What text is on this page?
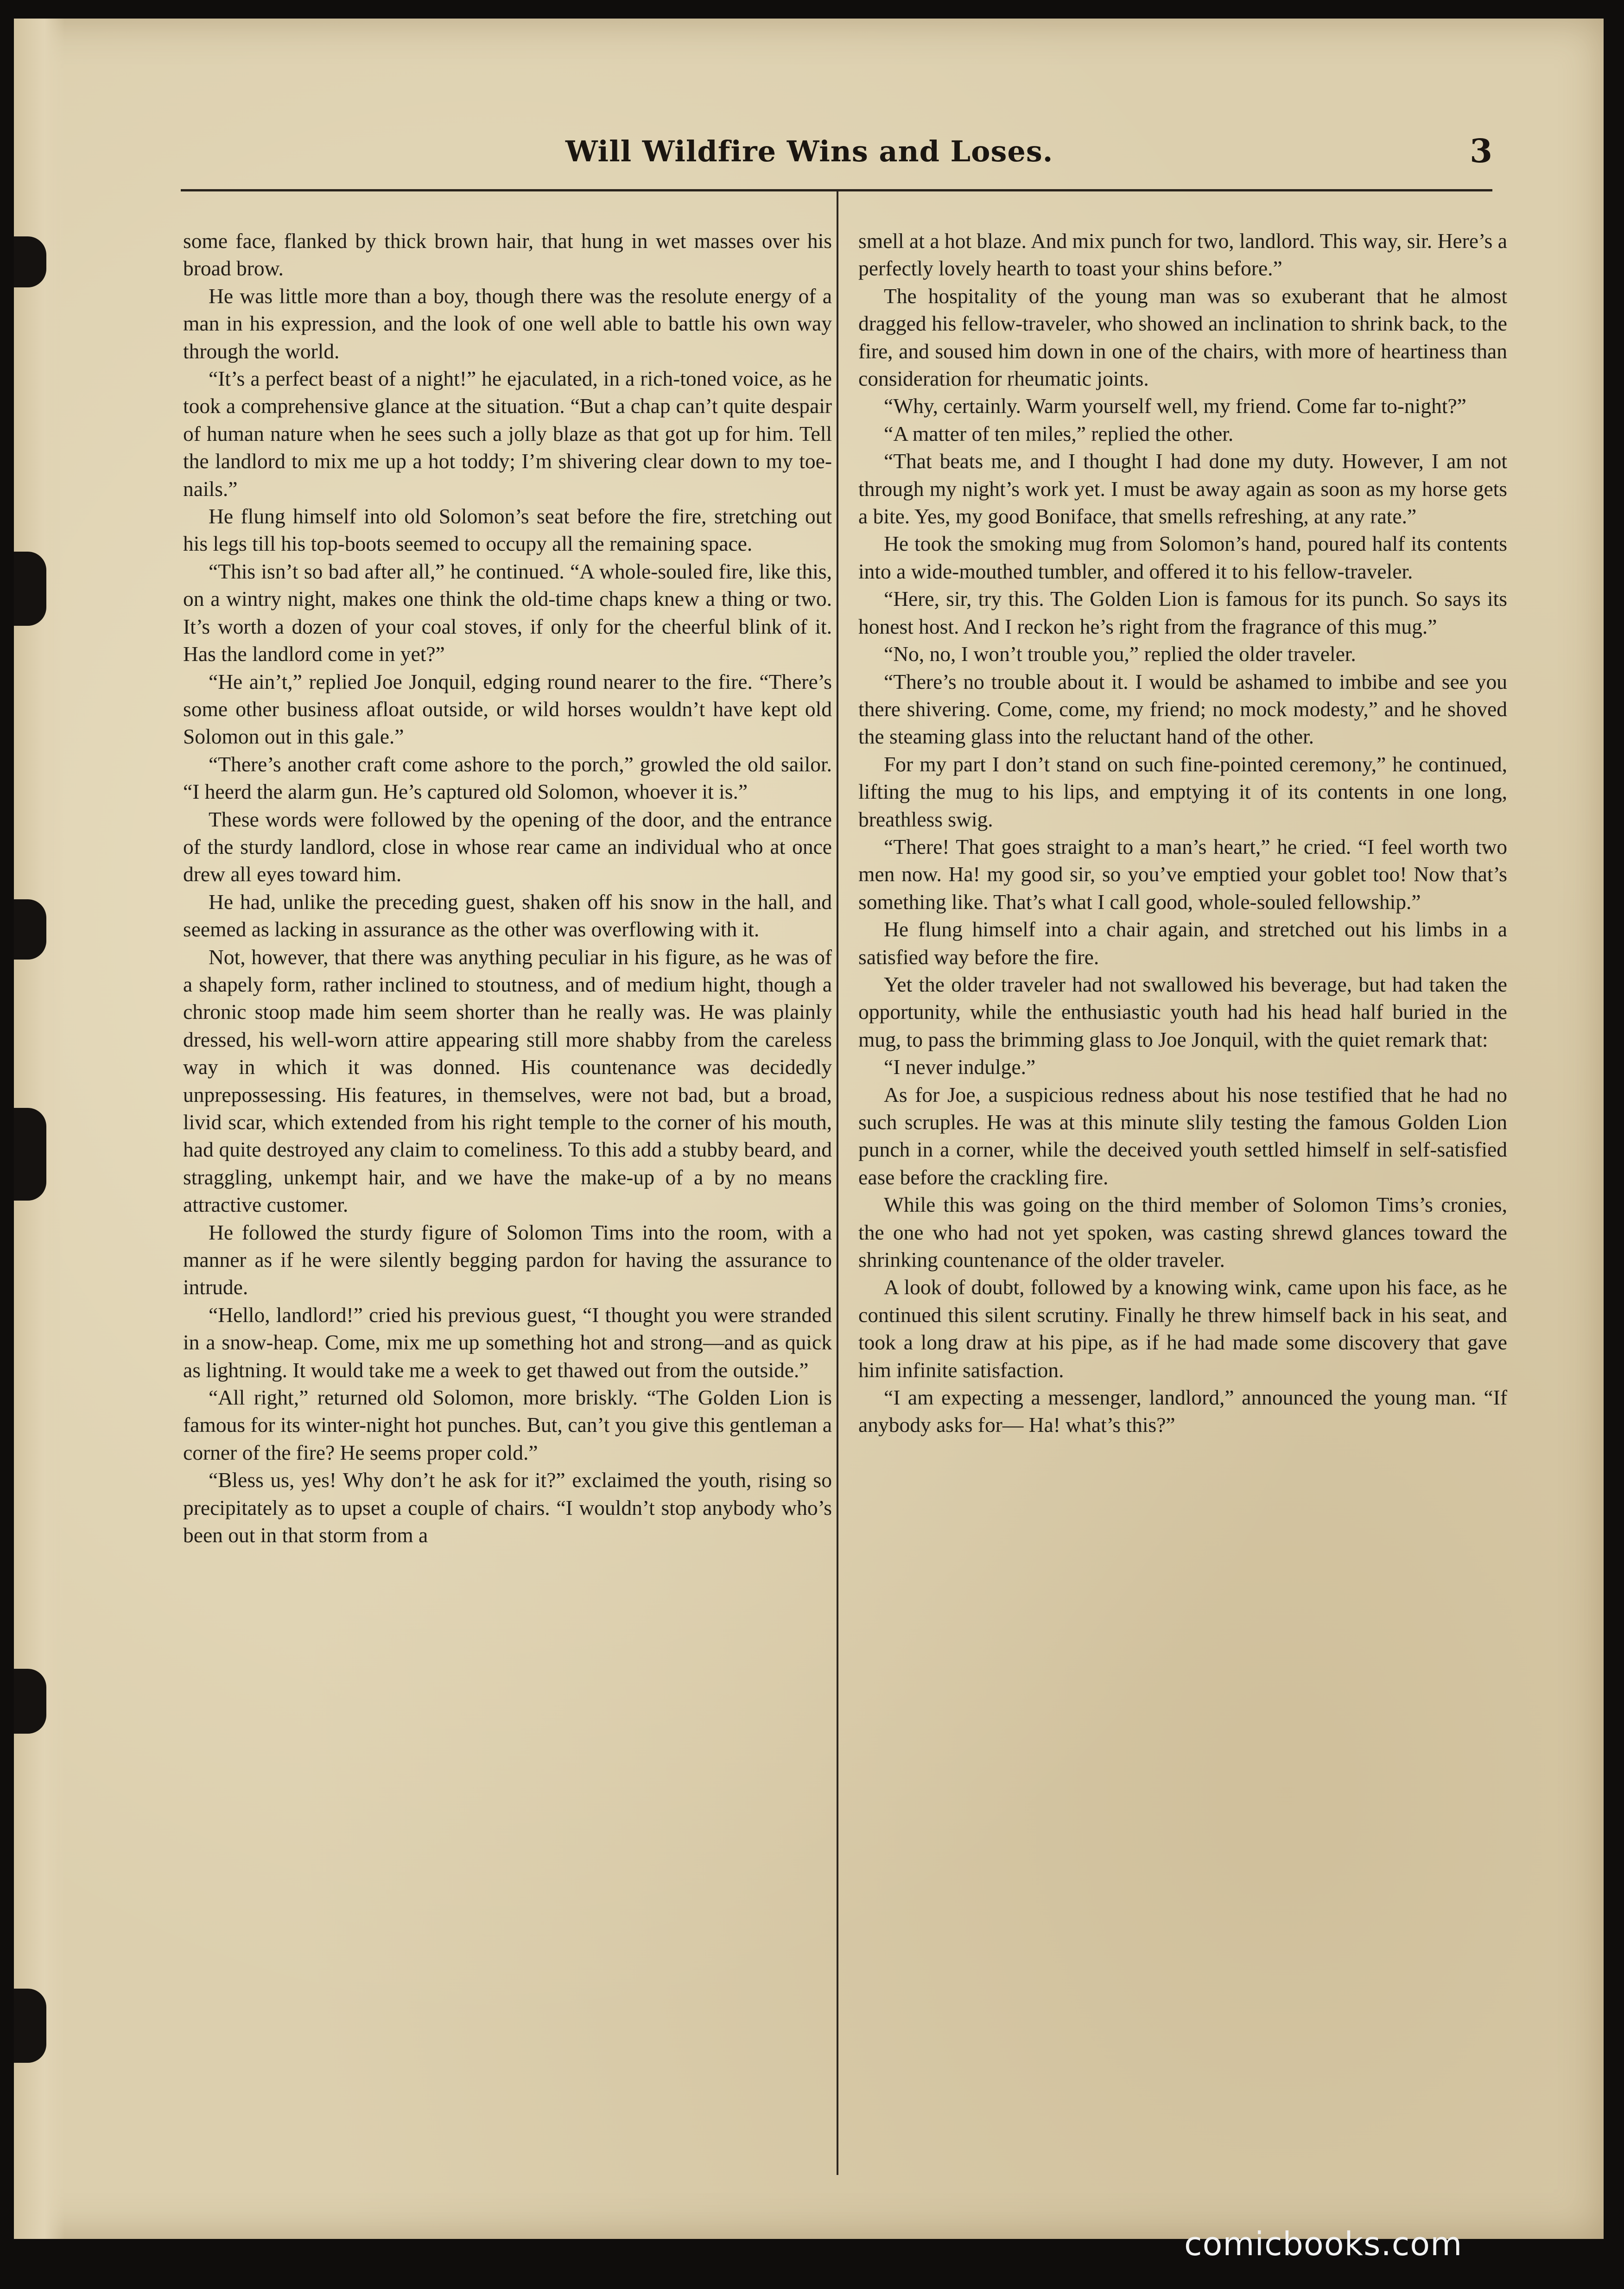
Will Wildfire Wins and Loses.	3

some face, flanked by thick brown hair, that hung in wet masses over his broad brow.

He was little more than a boy, though there was the resolute energy of a man in his expression, and the look of one well able to battle his own way through the world.

“It’s a perfect beast of a night!” he ejaculated, in a rich-toned voice, as he took a comprehensive glance at the situation. “But a chap can’t quite despair of human nature when he sees such a jolly blaze as that got up for him. Tell the landlord to mix me up a hot toddy; I’m shivering clear down to my toe-nails.”

He flung himself into old Solomon’s seat before the fire, stretching out his legs till his top-boots seemed to occupy all the remaining space.

“This isn’t so bad after all,” he continued. “A whole-souled fire, like this, on a wintry night, makes one think the old-time chaps knew a thing or two. It’s worth a dozen of your coal stoves, if only for the cheerful blink of it. Has the landlord come in yet?”

“He ain’t,” replied Joe Jonquil, edging round nearer to the fire. “There’s some other business afloat outside, or wild horses wouldn’t have kept old Solomon out in this gale.”

“There’s another craft come ashore to the porch,” growled the old sailor. “I heerd the alarm gun. He’s captured old Solomon, whoever it is.”

These words were followed by the opening of the door, and the entrance of the sturdy landlord, close in whose rear came an individual who at once drew all eyes toward him.

He had, unlike the preceding guest, shaken off his snow in the hall, and seemed as lacking in assurance as the other was overflowing with it.

Not, however, that there was anything peculiar in his figure, as he was of a shapely form, rather inclined to stoutness, and of medium hight, though a chronic stoop made him seem shorter than he really was. He was plainly dressed, his well-worn attire appearing still more shabby from the careless way in which it was donned. His countenance was decidedly unprepossessing. His features, in themselves, were not bad, but a broad, livid scar, which extended from his right temple to the corner of his mouth, had quite destroyed any claim to comeliness. To this add a stubby beard, and straggling, unkempt hair, and we have the make-up of a by no means attractive customer.

He followed the sturdy figure of Solomon Tims into the room, with a manner as if he were silently begging pardon for having the assurance to intrude.

“Hello, landlord!” cried his previous guest, “I thought you were stranded in a snow-heap. Come, mix me up something hot and strong—and as quick as lightning. It would take me a week to get thawed out from the outside.”

“All right,” returned old Solomon, more briskly. “The Golden Lion is famous for its winter-night hot punches. But, can’t you give this gentleman a corner of the fire? He seems proper cold.”

“Bless us, yes! Why don’t he ask for it?” exclaimed the youth, rising so precipitately as to upset a couple of chairs. “I wouldn’t stop anybody who’s been out in that storm from a

smell at a hot blaze. And mix punch for two, landlord. This way, sir. Here’s a perfectly lovely hearth to toast your shins before.”

The hospitality of the young man was so exuberant that he almost dragged his fellow-traveler, who showed an inclination to shrink back, to the fire, and soused him down in one of the chairs, with more of heartiness than consideration for rheumatic joints.

“Why, certainly. Warm yourself well, my friend. Come far to-night?”

“A matter of ten miles,” replied the other.

“That beats me, and I thought I had done my duty. However, I am not through my night’s work yet. I must be away again as soon as my horse gets a bite. Yes, my good Boniface, that smells refreshing, at any rate.”

He took the smoking mug from Solomon’s hand, poured half its contents into a wide-mouthed tumbler, and offered it to his fellow-traveler.

“Here, sir, try this. The Golden Lion is famous for its punch. So says its honest host. And I reckon he’s right from the fragrance of this mug.”

“No, no, I won’t trouble you,” replied the older traveler.

“There’s no trouble about it. I would be ashamed to imbibe and see you there shivering. Come, come, my friend; no mock modesty,” and he shoved the steaming glass into the reluctant hand of the other.

For my part I don’t stand on such fine-pointed ceremony,” he continued, lifting the mug to his lips, and emptying it of its contents in one long, breathless swig.

“There! That goes straight to a man’s heart,” he cried. “I feel worth two men now. Ha! my good sir, so you’ve emptied your goblet too! Now that’s something like. That’s what I call good, whole-souled fellowship.”

He flung himself into a chair again, and stretched out his limbs in a satisfied way before the fire.

Yet the older traveler had not swallowed his beverage, but had taken the opportunity, while the enthusiastic youth had his head half buried in the mug, to pass the brimming glass to Joe Jonquil, with the quiet remark that:

“I never indulge.”

As for Joe, a suspicious redness about his nose testified that he had no such scruples. He was at this minute slily testing the famous Golden Lion punch in a corner, while the deceived youth settled himself in self-satisfied ease before the crackling fire.

While this was going on the third member of Solomon Tims’s cronies, the one who had not yet spoken, was casting shrewd glances toward the shrinking countenance of the older traveler.

A look of doubt, followed by a knowing wink, came upon his face, as he continued this silent scrutiny. Finally he threw himself back in his seat, and took a long draw at his pipe, as if he had made some discovery that gave him infinite satisfaction.

“I am expecting a messenger, landlord,” announced the young man. “If anybody asks for— Ha! what’s this?”

comicbooks.com
